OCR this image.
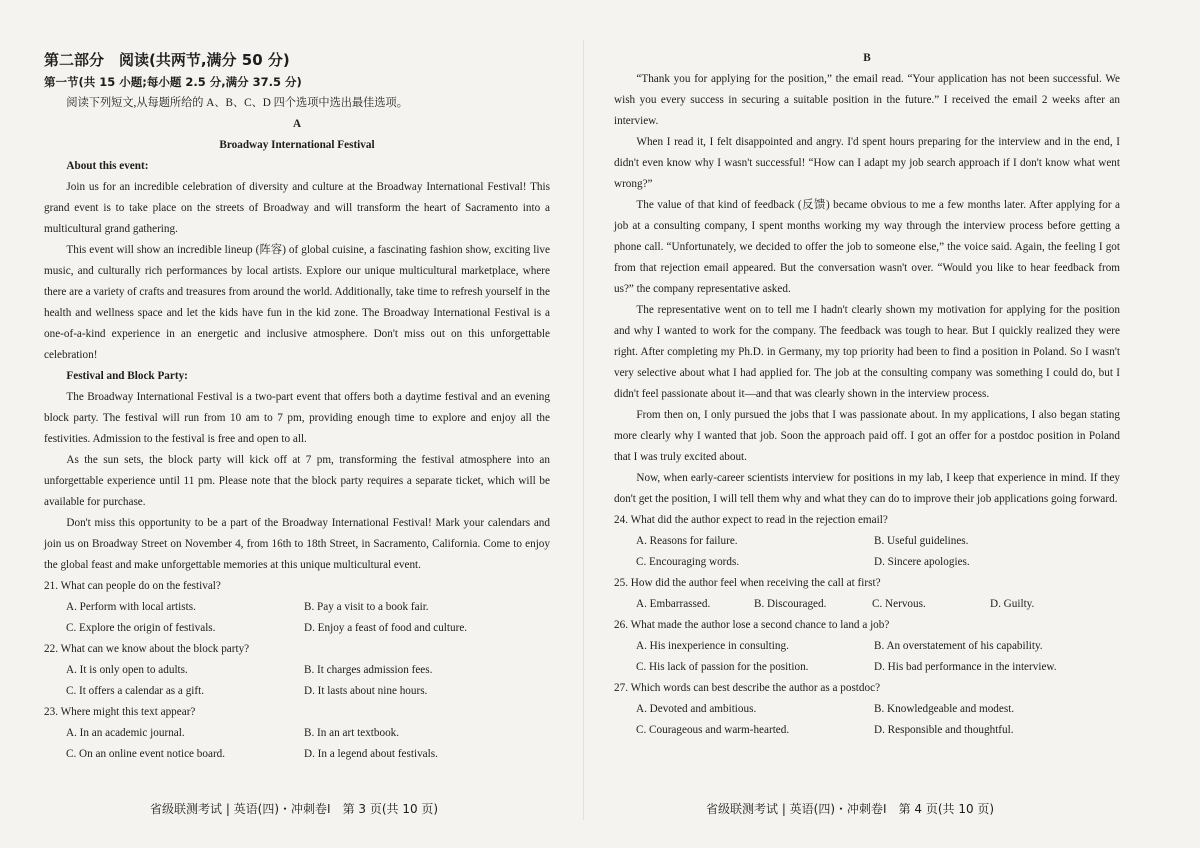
第二部分　阅读(共两节,满分 50 分)

第一节(共 15 小题;每小题 2.5 分,满分 37.5 分)

阅读下列短文,从每题所给的 A、B、C、D 四个选项中选出最佳选项。

A

Broadway International Festival

About this event:

Join us for an incredible celebration of diversity and culture at the Broadway International Festival! This grand event is to take place on the streets of Broadway and will transform the heart of Sacramento into a multicultural grand gathering.

This event will show an incredible lineup (阵容) of global cuisine, a fascinating fashion show, exciting live music, and culturally rich performances by local artists. Explore our unique multicultural marketplace, where there are a variety of crafts and treasures from around the world. Additionally, take time to refresh yourself in the health and wellness space and let the kids have fun in the kid zone. The Broadway International Festival is a one-of-a-kind experience in an energetic and inclusive atmosphere. Don't miss out on this unforgettable celebration!

Festival and Block Party:

The Broadway International Festival is a two-part event that offers both a daytime festival and an evening block party. The festival will run from 10 am to 7 pm, providing enough time to explore and enjoy all the festivities. Admission to the festival is free and open to all.

As the sun sets, the block party will kick off at 7 pm, transforming the festival atmosphere into an unforgettable experience until 11 pm. Please note that the block party requires a separate ticket, which will be available for purchase.

Don't miss this opportunity to be a part of the Broadway International Festival! Mark your calendars and join us on Broadway Street on November 4, from 16th to 18th Street, in Sacramento, California. Come to enjoy the global feast and make unforgettable memories at this unique multicultural event.

21. What can people do on the festival?

A. Perform with local artists.	B. Pay a visit to a book fair.
C. Explore the origin of festivals.	D. Enjoy a feast of food and culture.

22. What can we know about the block party?

A. It is only open to adults.	B. It charges admission fees.
C. It offers a calendar as a gift.	D. It lasts about nine hours.

23. Where might this text appear?

A. In an academic journal.	B. In an art textbook.
C. On an online event notice board.	D. In a legend about festivals.
省级联测考试 | 英语(四)・冲刺卷Ⅰ　第 3 页(共 10 页)

B

“Thank you for applying for the position,” the email read. “Your application has not been successful. We wish you every success in securing a suitable position in the future.” I received the email 2 weeks after an interview.

When I read it, I felt disappointed and angry. I'd spent hours preparing for the interview and in the end, I didn't even know why I wasn't successful! “How can I adapt my job search approach if I don't know what went wrong?”

The value of that kind of feedback (反馈) became obvious to me a few months later. After applying for a job at a consulting company, I spent months working my way through the interview process before getting a phone call. “Unfortunately, we decided to offer the job to someone else,” the voice said. Again, the feeling I got from that rejection email appeared. But the conversation wasn't over. “Would you like to hear feedback from us?” the company representative asked.

The representative went on to tell me I hadn't clearly shown my motivation for applying for the position and why I wanted to work for the company. The feedback was tough to hear. But I quickly realized they were right. After completing my Ph.D. in Germany, my top priority had been to find a position in Poland. So I wasn't very selective about what I had applied for. The job at the consulting company was something I could do, but I didn't feel passionate about it—and that was clearly shown in the interview process.

From then on, I only pursued the jobs that I was passionate about. In my applications, I also began stating more clearly why I wanted that job. Soon the approach paid off. I got an offer for a postdoc position in Poland that I was truly excited about.

Now, when early-career scientists interview for positions in my lab, I keep that experience in mind. If they don't get the position, I will tell them why and what they can do to improve their job applications going forward.

24. What did the author expect to read in the rejection email?

A. Reasons for failure.	B. Useful guidelines.
C. Encouraging words.	D. Sincere apologies.

25. How did the author feel when receiving the call at first?

A. Embarrassed.	B. Discouraged.	C. Nervous.	D. Guilty.

26. What made the author lose a second chance to land a job?

A. His inexperience in consulting.	B. An overstatement of his capability.
C. His lack of passion for the position.	D. His bad performance in the interview.

27. Which words can best describe the author as a postdoc?

A. Devoted and ambitious.	B. Knowledgeable and modest.
C. Courageous and warm-hearted.	D. Responsible and thoughtful.
省级联测考试 | 英语(四)・冲刺卷Ⅰ　第 4 页(共 10 页)
